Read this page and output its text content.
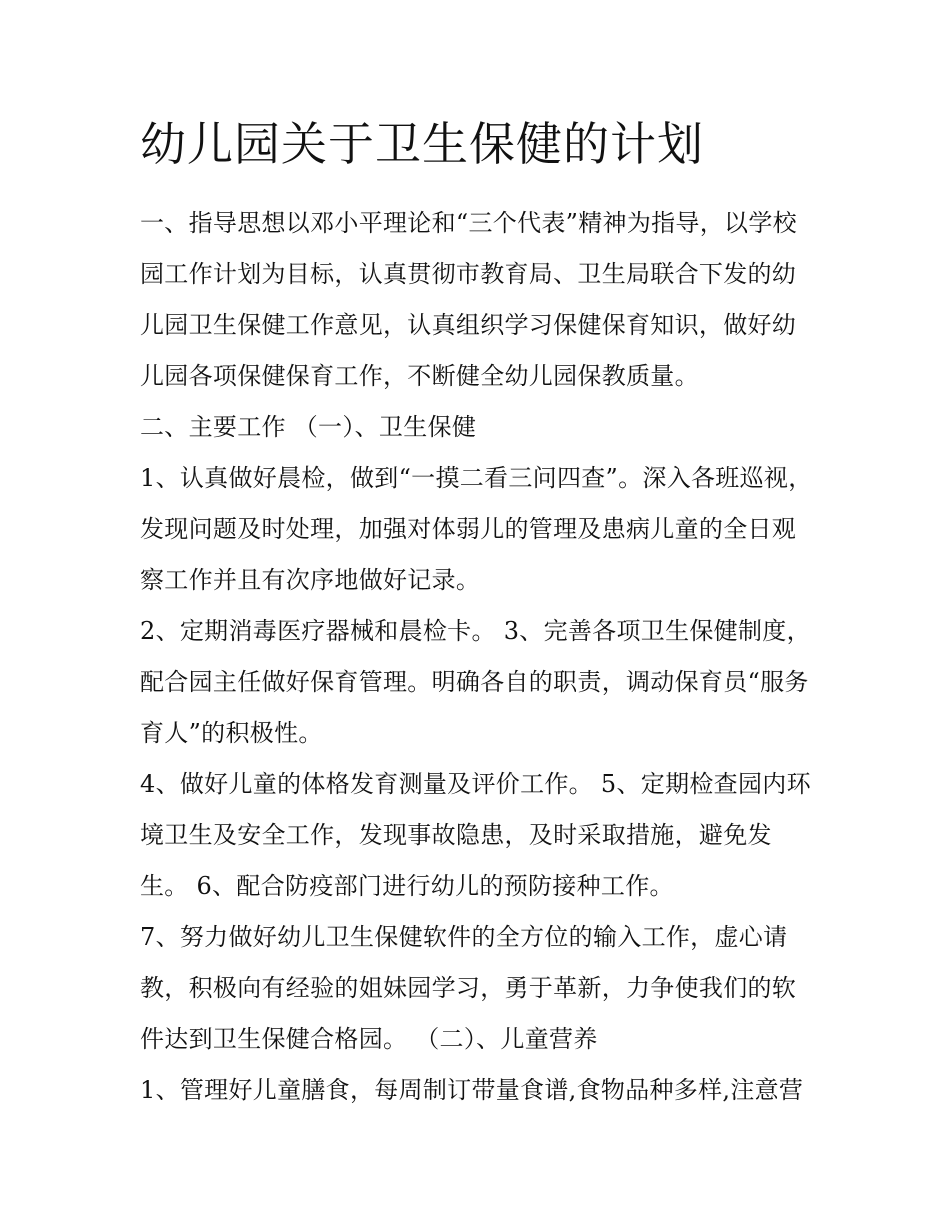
幼儿园关于卫生保健的计划

一、指导思想以邓小平理论和“三个代表”精神为指导，以学校园工作计划为目标，认真贯彻市教育局、卫生局联合下发的幼儿园卫生保健工作意见，认真组织学习保健保育知识，做好幼儿园各项保健保育工作，不断健全幼儿园保教质量。

二、主要工作 （一）、卫生保健

1、认真做好晨检，做到“一摸二看三问四查”。深入各班巡视，发现问题及时处理，加强对体弱儿的管理及患病儿童的全日观察工作并且有次序地做好记录。

2、定期消毒医疗器械和晨检卡。 3、完善各项卫生保健制度，配合园主任做好保育管理。明确各自的职责，调动保育员“服务育人”的积极性。

4、做好儿童的体格发育测量及评价工作。 5、定期检查园内环境卫生及安全工作，发现事故隐患，及时采取措施，避免发生。 6、配合防疫部门进行幼儿的预防接种工作。

7、努力做好幼儿卫生保健软件的全方位的输入工作，虚心请教，积极向有经验的姐妹园学习，勇于革新，力争使我们的软件达到卫生保健合格园。 （二）、儿童营养

1、管理好儿童膳食，每周制订带量食谱,食物品种多样,注意营
